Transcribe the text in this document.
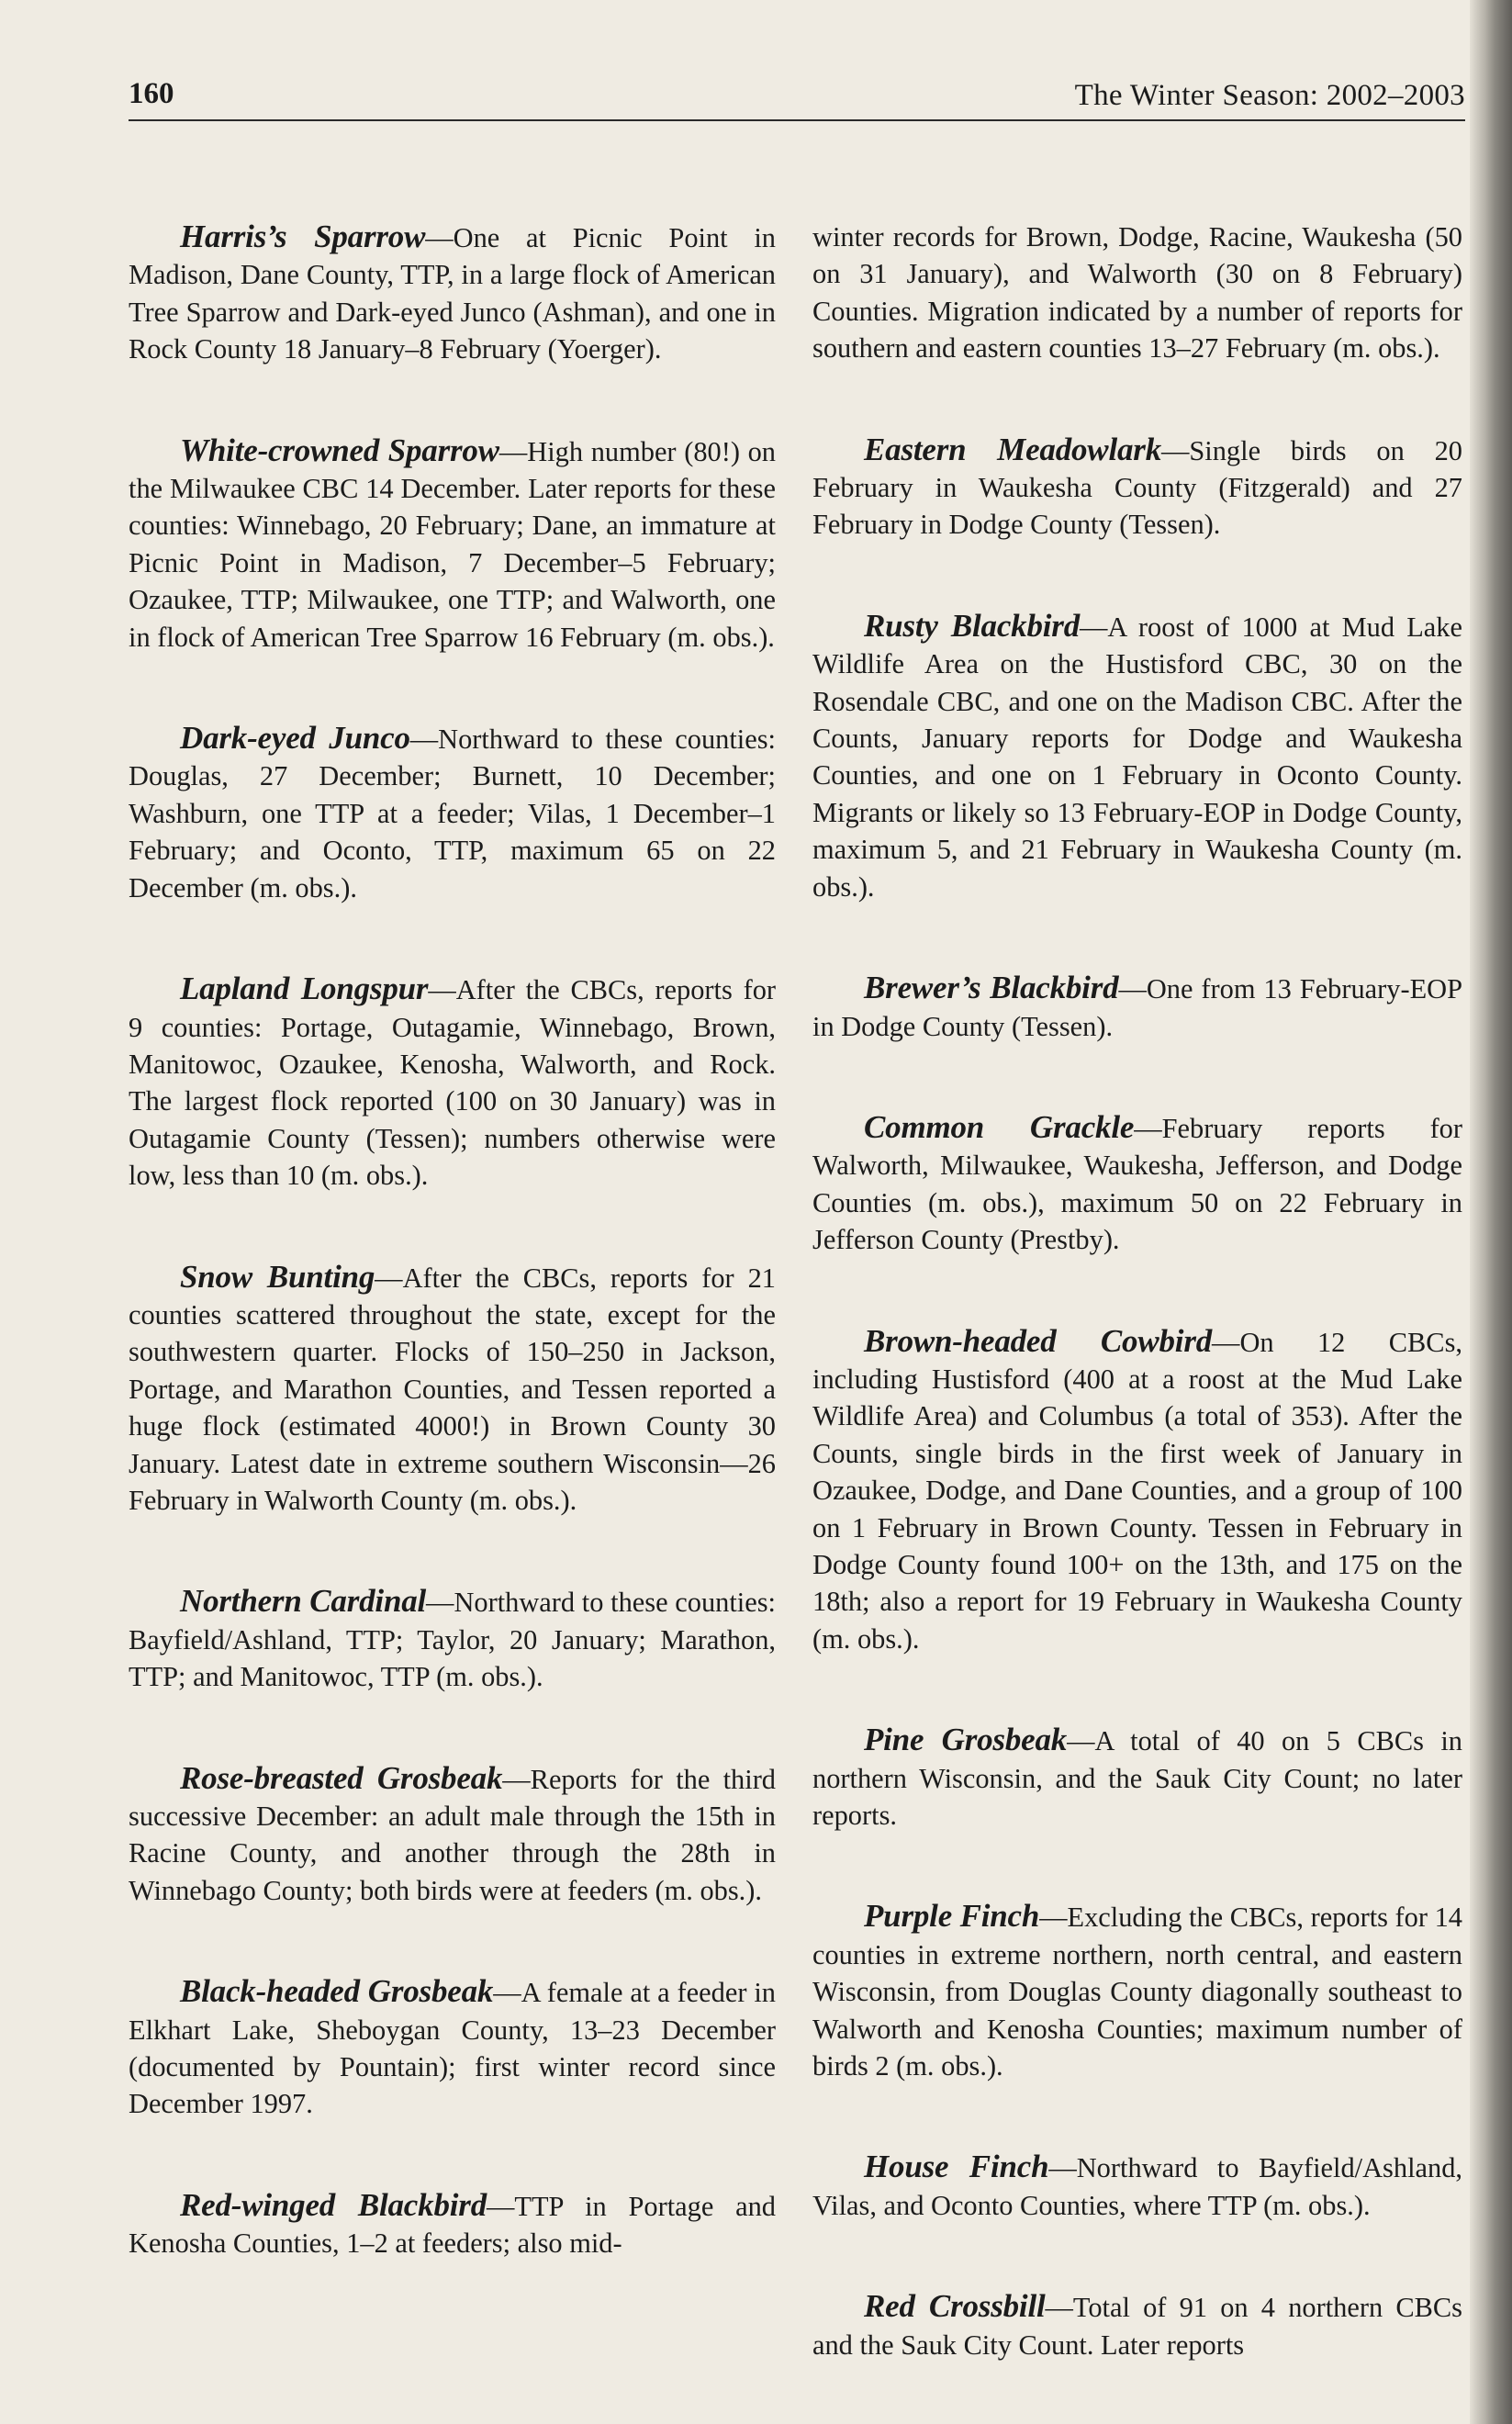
160	The Winter Season: 2002–2003

Harris’s Sparrow—One at Picnic Point in Madison, Dane County, TTP, in a large flock of American Tree Sparrow and Dark-eyed Junco (Ashman), and one in Rock County 18 January–8 February (Yoerger).

White-crowned Sparrow—High number (80!) on the Milwaukee CBC 14 December. Later reports for these counties: Winnebago, 20 February; Dane, an immature at Picnic Point in Madison, 7 December–5 February; Ozaukee, TTP; Milwaukee, one TTP; and Walworth, one in flock of American Tree Sparrow 16 February (m. obs.).

Dark-eyed Junco—Northward to these counties: Douglas, 27 December; Burnett, 10 December; Washburn, one TTP at a feeder; Vilas, 1 December–1 February; and Oconto, TTP, maximum 65 on 22 December (m. obs.).

Lapland Longspur—After the CBCs, reports for 9 counties: Portage, Outagamie, Winnebago, Brown, Manitowoc, Ozaukee, Kenosha, Walworth, and Rock. The largest flock reported (100 on 30 January) was in Outagamie County (Tessen); numbers otherwise were low, less than 10 (m. obs.).

Snow Bunting—After the CBCs, reports for 21 counties scattered throughout the state, except for the southwestern quarter. Flocks of 150–250 in Jackson, Portage, and Marathon Counties, and Tessen reported a huge flock (estimated 4000!) in Brown County 30 January. Latest date in extreme southern Wisconsin—26 February in Walworth County (m. obs.).

Northern Cardinal—Northward to these counties: Bayfield/Ashland, TTP; Taylor, 20 January; Marathon, TTP; and Manitowoc, TTP (m. obs.).

Rose-breasted Grosbeak—Reports for the third successive December: an adult male through the 15th in Racine County, and another through the 28th in Winnebago County; both birds were at feeders (m. obs.).

Black-headed Grosbeak—A female at a feeder in Elkhart Lake, Sheboygan County, 13–23 December (documented by Pountain); first winter record since December 1997.

Red-winged Blackbird—TTP in Portage and Kenosha Counties, 1–2 at feeders; also mid-

winter records for Brown, Dodge, Racine, Waukesha (50 on 31 January), and Walworth (30 on 8 February) Counties. Migration indicated by a number of reports for southern and eastern counties 13–27 February (m. obs.).

Eastern Meadowlark—Single birds on 20 February in Waukesha County (Fitzgerald) and 27 February in Dodge County (Tessen).

Rusty Blackbird—A roost of 1000 at Mud Lake Wildlife Area on the Hustisford CBC, 30 on the Rosendale CBC, and one on the Madison CBC. After the Counts, January reports for Dodge and Waukesha Counties, and one on 1 February in Oconto County. Migrants or likely so 13 February-EOP in Dodge County, maximum 5, and 21 February in Waukesha County (m. obs.).

Brewer’s Blackbird—One from 13 February-EOP in Dodge County (Tessen).

Common Grackle—February reports for Walworth, Milwaukee, Waukesha, Jefferson, and Dodge Counties (m. obs.), maximum 50 on 22 February in Jefferson County (Prestby).

Brown-headed Cowbird—On 12 CBCs, including Hustisford (400 at a roost at the Mud Lake Wildlife Area) and Columbus (a total of 353). After the Counts, single birds in the first week of January in Ozaukee, Dodge, and Dane Counties, and a group of 100 on 1 February in Brown County. Tessen in February in Dodge County found 100+ on the 13th, and 175 on the 18th; also a report for 19 February in Waukesha County (m. obs.).

Pine Grosbeak—A total of 40 on 5 CBCs in northern Wisconsin, and the Sauk City Count; no later reports.

Purple Finch—Excluding the CBCs, reports for 14 counties in extreme northern, north central, and eastern Wisconsin, from Douglas County diagonally southeast to Walworth and Kenosha Counties; maximum number of birds 2 (m. obs.).

House Finch—Northward to Bayfield/Ashland, Vilas, and Oconto Counties, where TTP (m. obs.).

Red Crossbill—Total of 91 on 4 northern CBCs and the Sauk City Count. Later reports
